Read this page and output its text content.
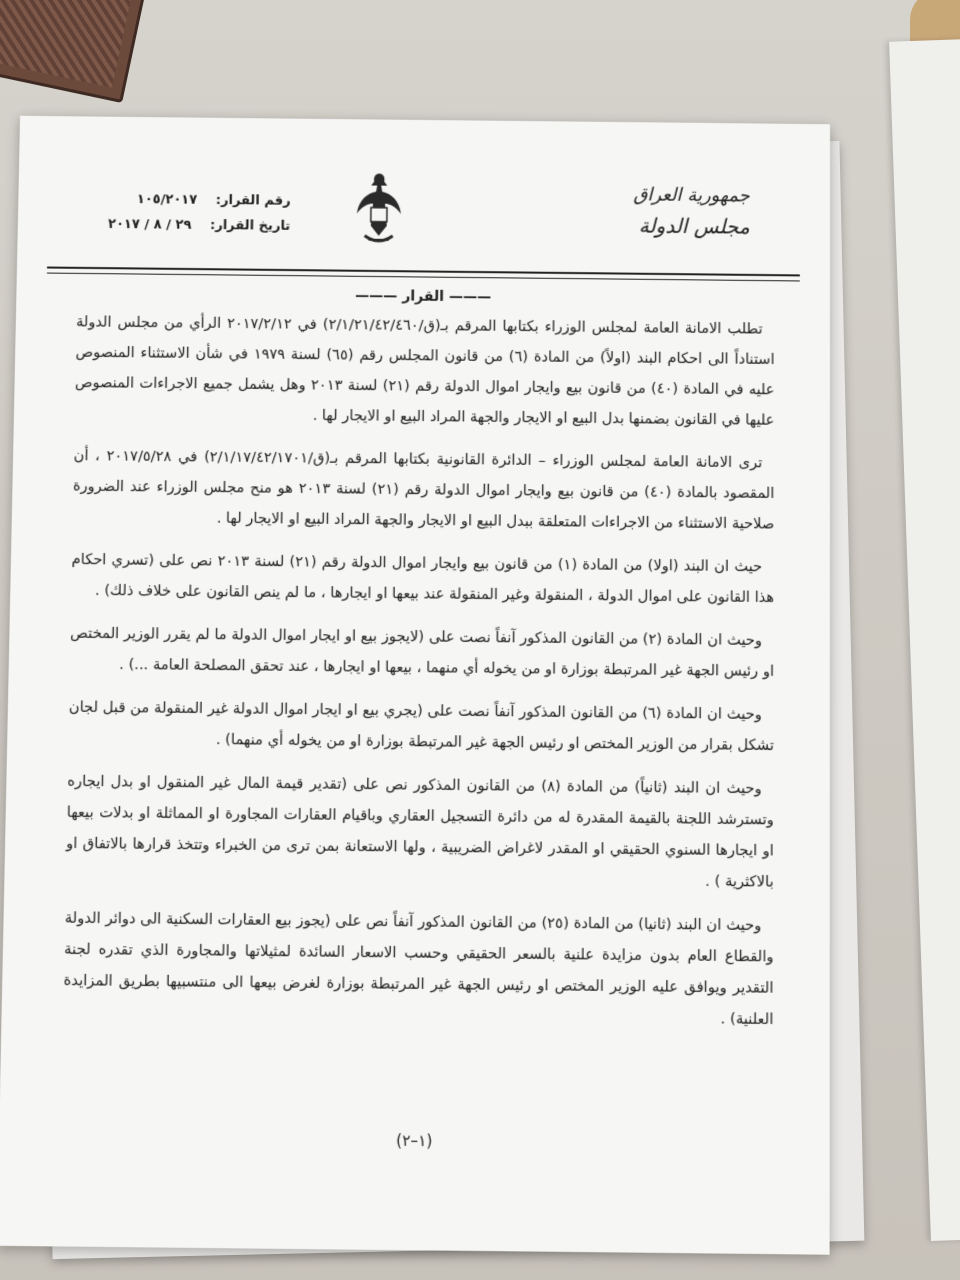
جمهورية العراق
مجلس الدولة
رقم القرار: ١٠٥/٢٠١٧
تاريخ القرار: ٢٩ / ٨ / ٢٠١٧
——— القرار ———

تطلب الامانة العامة لمجلس الوزراء بكتابها المرقم بـ(ق/٢/١/٢١/٤٢/٤٦٠) في ٢٠١٧/٢/١٢ الرأي من مجلس الدولة استناداً الى احكام البند (اولاً) من المادة (٦) من قانون المجلس رقم (٦٥) لسنة ١٩٧٩ في شأن الاستثناء المنصوص عليه في المادة (٤٠) من قانون بيع وايجار اموال الدولة رقم (٢١) لسنة ٢٠١٣ وهل يشمل جميع الاجراءات المنصوص عليها في القانون بضمنها بدل البيع او الايجار والجهة المراد البيع او الايجار لها .

ترى الامانة العامة لمجلس الوزراء – الدائرة القانونية بكتابها المرقم بـ(ق/٢/١/١٧/٤٢/١٧٠١) في ٢٠١٧/٥/٢٨ ، أن المقصود بالمادة (٤٠) من قانون بيع وايجار اموال الدولة رقم (٢١) لسنة ٢٠١٣ هو منح مجلس الوزراء عند الضرورة صلاحية الاستثناء من الاجراءات المتعلقة ببدل البيع او الايجار والجهة المراد البيع او الايجار لها .

حيث ان البند (اولا) من المادة (١) من قانون بيع وايجار اموال الدولة رقم (٢١) لسنة ٢٠١٣ نص على (تسري احكام هذا القانون على اموال الدولة ، المنقولة وغير المنقولة عند بيعها او ايجارها ، ما لم ينص القانون على خلاف ذلك) .

وحيث ان المادة (٢) من القانون المذكور آنفاً نصت على (لايجوز بيع او ايجار اموال الدولة ما لم يقرر الوزير المختص او رئيس الجهة غير المرتبطة بوزارة او من يخوله أي منهما ، بيعها او ايجارها ، عند تحقق المصلحة العامة ...) .

وحيث ان المادة (٦) من القانون المذكور آنفاً نصت على (يجري بيع او ايجار اموال الدولة غير المنقولة من قبل لجان تشكل بقرار من الوزير المختص او رئيس الجهة غير المرتبطة بوزارة او من يخوله أي منهما) .

وحيث ان البند (ثانياً) من المادة (٨) من القانون المذكور نص على (تقدير قيمة المال غير المنقول او بدل ايجاره وتسترشد اللجنة بالقيمة المقدرة له من دائرة التسجيل العقاري وباقيام العقارات المجاورة او المماثلة او بدلات بيعها او ايجارها السنوي الحقيقي او المقدر لاغراض الضريبية ، ولها الاستعانة بمن ترى من الخبراء وتتخذ قرارها بالاتفاق او بالاكثرية ) .

وحيث ان البند (ثانيا) من المادة (٢٥) من القانون المذكور آنفاً نص على (يجوز بيع العقارات السكنية الى دوائر الدولة والقطاع العام بدون مزايدة علنية بالسعر الحقيقي وحسب الاسعار السائدة لمثيلاتها والمجاورة الذي تقدره لجنة التقدير ويوافق عليه الوزير المختص او رئيس الجهة غير المرتبطة بوزارة لغرض بيعها الى منتسبيها بطريق المزايدة العلنية) .

(١–٢)
